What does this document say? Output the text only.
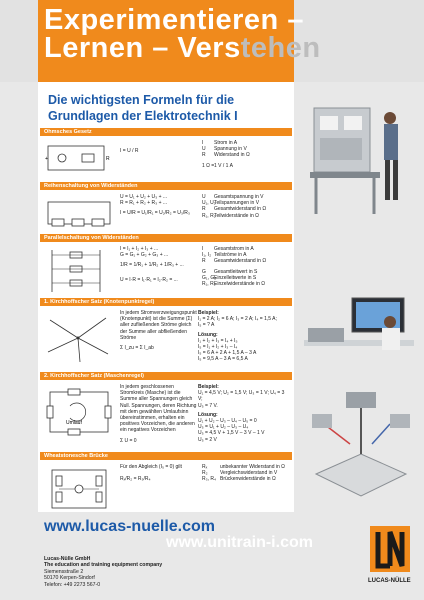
Experimentieren –
Lernen – Verstehen
Die wichtigsten Formeln für die
Grundlagen der Elektrotechnik I
Ohmsches Gesetz
+	R
I = U / R
I
U
R
1 Ω =
Strom in A
Spannung in V
Widerstand in Ω
1 V / 1 A
Reihenschaltung von Widerständen
U = U₁ + U₂ + U₃ + ...
R = R₁ + R₂ + R₃ + ...
I = U/R = U₁/R₁ = U₂/R₂ = U₃/R₃
U
U₁, U₂
R
R₁, R₂
Gesamtspannung in V
Teilspannungen in V
Gesamtwiderstand in Ω
Teilwiderstände in Ω
Parallelschaltung von Widerständen
I = I₁ + I₂ + I₃ + ...
G = G₁ + G₂ + G₃ + ...
1/R = 1/R₁ + 1/R₂ + 1/R₃ + ...
U = I·R = I₁·R₁ = I₂·R₂ = ...
I
I₁, I₂
R
G
G₁, G₂
R₁, R₂
Gesamtstrom in A
Teilströme in A
Gesamtwiderstand in Ω
Gesamtleitwert in S
Einzelleitwerte in S
Einzelwiderstände in Ω
1. Kirchhoffscher Satz (Knotenpunktregel)
In jedem Stromverzweigungspunkt (Knotenpunkt) ist die Summe (Σ) aller zufließenden Ströme gleich der Summe aller abfließenden Ströme
Σ I_zu = Σ I_ab
Beispiel:
I₁ = 2 A; I₂ = 6 A; I₃ = 2 A; I₄ = 1,5 A;
I₅ = ? A
Lösung:
I₁ + I₂ + I₃ = I₄ + I₅
I₅ = I₁ + I₂ + I₃ – I₄
I₅ = 6 A + 2 A + 1,5 A – 3 A
I₅ = 9,5 A – 3 A = 6,5 A
2. Kirchhoffscher Satz (Maschenregel)
Umlauf
In jedem geschlossenen Stromkreis (Masche) ist die Summe aller Spannungen gleich Null. Spannungen, deren Richtung mit dem gewählten Umlaufsinn übereinstimmen, erhalten ein positives Vorzeichen, die anderen ein negatives Vorzeichen
Σ U = 0
Beispiel:
U₁ = 4,5 V; U₂ = 1,5 V; U₃ = 1 V; U₄ = 3 V;
U₅ = 7 V.
Lösung:
U₁ + U₂ – U₃ – U₄ – U₅ = 0
U₅ = U₁ + U₂ – U₃ – U₄
U₅ = 4,5 V + 1,5 V – 3 V – 1 V
U₅ = 2 V
Wheatstonesche Brücke
Für den Abgleich (I₅ = 0) gilt
Rₓ/R₂ = R₃/R₄
Rₓ
R₂
R₃, R₄
unbekannter Widerstand in Ω
Vergleichswiderstand in V
Brückenwiderstände in Ω
www.lucas-nuelle.com
www.unitrain-i.com
Lucas-Nülle GmbH
The education and training equipment company
Siemensstraße 2
50170 Kerpen-Sindorf
Telefon: +49 2273 567-0
LUCAS-NÜLLE
